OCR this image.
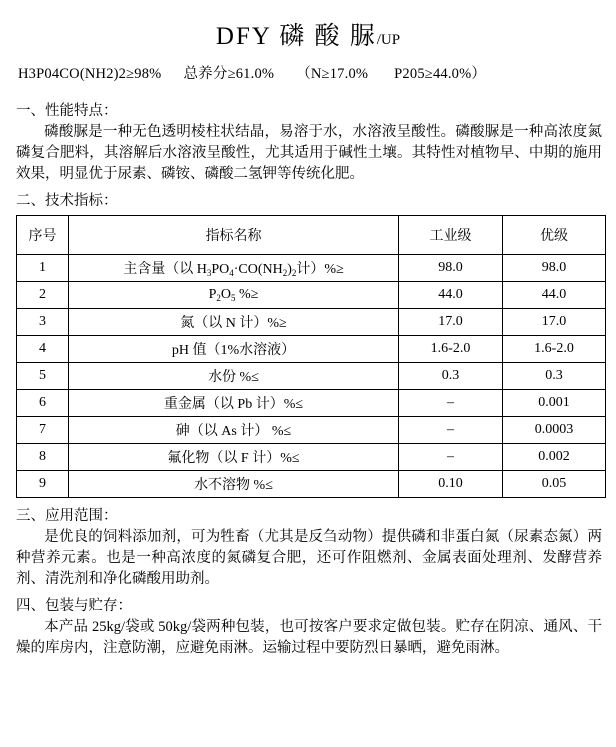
DFY 磷 酸 脲/UP
H3P04CO(NH2)2≥98% 总养分≥61.0% （N≥17.0% P205≥44.0%）
一、性能特点：
磷酸脲是一种无色透明棱柱状结晶，易溶于水，水溶液呈酸性。磷酸脲是一种高浓度氮磷复合肥料，其溶解后水溶液呈酸性，尤其适用于碱性土壤。其特性对植物早、中期的施用效果，明显优于尿素、磷铵、磷酸二氢钾等传统化肥。
二、技术指标：
序号	指标名称	工业级	优级
1	主含量（以 $H_3PO_4\cdot CO(NH_2)_2$计）%≥	98.0	98.0
2	$P_2O_5$ %≥	44.0	44.0
3	氮（以 N 计）%≥	17.0	17.0
4	pH 值（1%水溶液）	1.6-2.0	1.6-2.0
5	水份 %≤	0.3	0.3
6	重金属（以 Pb 计）%≤	–	0.001
7	砷（以 As 计） %≤	–	0.0003
8	氟化物（以 F 计）%≤	–	0.002
9	水不溶物 %≤	0.10	0.05
三、应用范围：
是优良的饲料添加剂，可为牲畜（尤其是反刍动物）提供磷和非蛋白氮（尿素态氮）两种营养元素。也是一种高浓度的氮磷复合肥，还可作阻燃剂、金属表面处理剂、发酵营养剂、清洗剂和净化磷酸用助剂。
四、包装与贮存：
本产品 25kg/袋或 50kg/袋两种包装，也可按客户要求定做包装。贮存在阴凉、通风、干燥的库房内，注意防潮，应避免雨淋。运输过程中要防烈日暴晒，避免雨淋。
